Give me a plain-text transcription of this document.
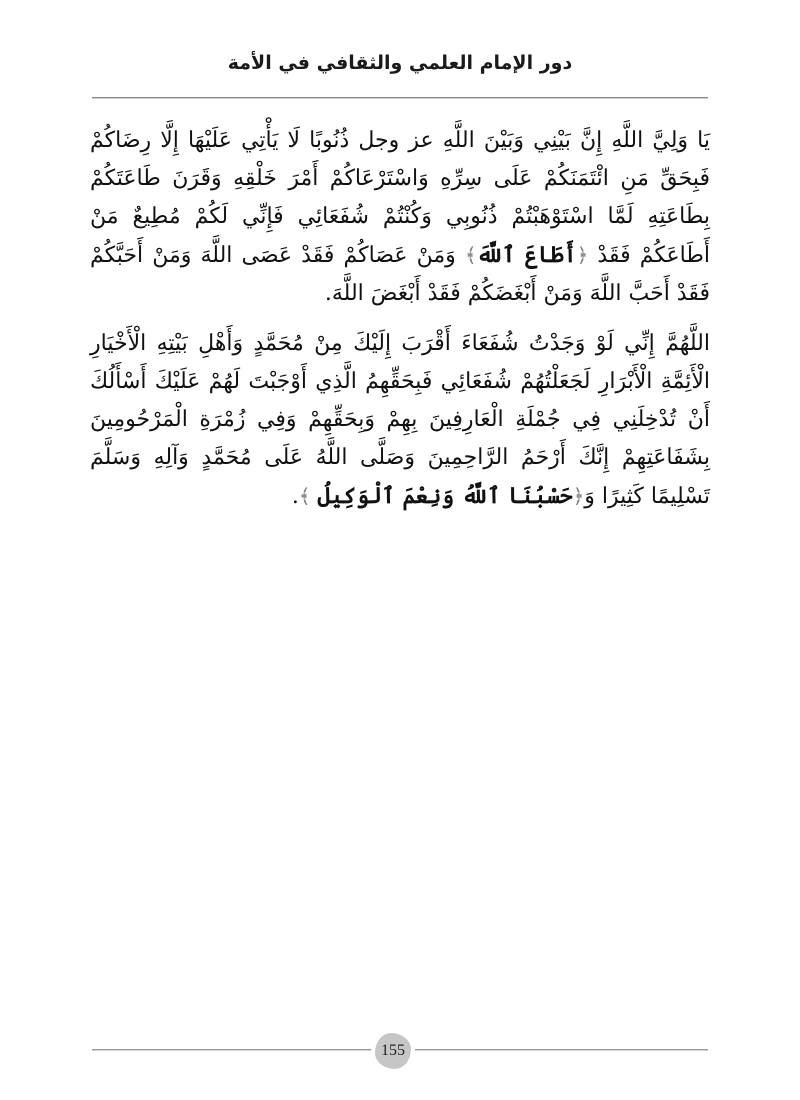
دور الإمام العلمي والثقافي في الأمة

يَا وَلِيَّ اللَّهِ إِنَّ بَيْنِي وَبَيْنَ اللَّهِ عز وجل ذُنُوبًا لَا يَأْتِي عَلَيْهَا إِلَّا رِضَاكُمْ فَبِحَقِّ مَنِ ائْتَمَنَكُمْ عَلَى سِرِّهِ وَاسْتَرْعَاكُمْ أَمْرَ خَلْقِهِ وَقَرَنَ طَاعَتَكُمْ بِطَاعَتِهِ لَمَّا اسْتَوْهَبْتُمْ ذُنُوبِي وَكُنْتُمْ شُفَعَائِي فَإِنِّي لَكُمْ مُطِيعٌ مَنْ أَطَاعَكُمْ فَقَدْ ﴿أَطَاعَ ٱللَّهَ﴾ وَمَنْ عَصَاكُمْ فَقَدْ عَصَى اللَّهَ وَمَنْ أَحَبَّكُمْ فَقَدْ أَحَبَّ اللَّهَ وَمَنْ أَبْغَضَكُمْ فَقَدْ أَبْغَضَ اللَّهَ.

اللَّهُمَّ إِنِّي لَوْ وَجَدْتُ شُفَعَاءَ أَقْرَبَ إِلَيْكَ مِنْ مُحَمَّدٍ وَأَهْلِ بَيْتِهِ الْأَخْيَارِ الْأَئِمَّةِ الْأَبْرَارِ لَجَعَلْتُهُمْ شُفَعَائِي فَبِحَقِّهِمُ الَّذِي أَوْجَبْتَ لَهُمْ عَلَيْكَ أَسْأَلُكَ أَنْ تُدْخِلَنِي فِي جُمْلَةِ الْعَارِفِينَ بِهِمْ وَبِحَقِّهِمْ وَفِي زُمْرَةِ الْمَرْحُومِينَ بِشَفَاعَتِهِمْ إِنَّكَ أَرْحَمُ الرَّاحِمِينَ وَصَلَّى اللَّهُ عَلَى مُحَمَّدٍ وَآلِهِ وَسَلَّمَ تَسْلِيمًا كَثِيرًا وَ﴿حَسْبُنَا ٱللَّهُ وَنِعْمَ ٱلْوَكِيلُ ﴾.

155
